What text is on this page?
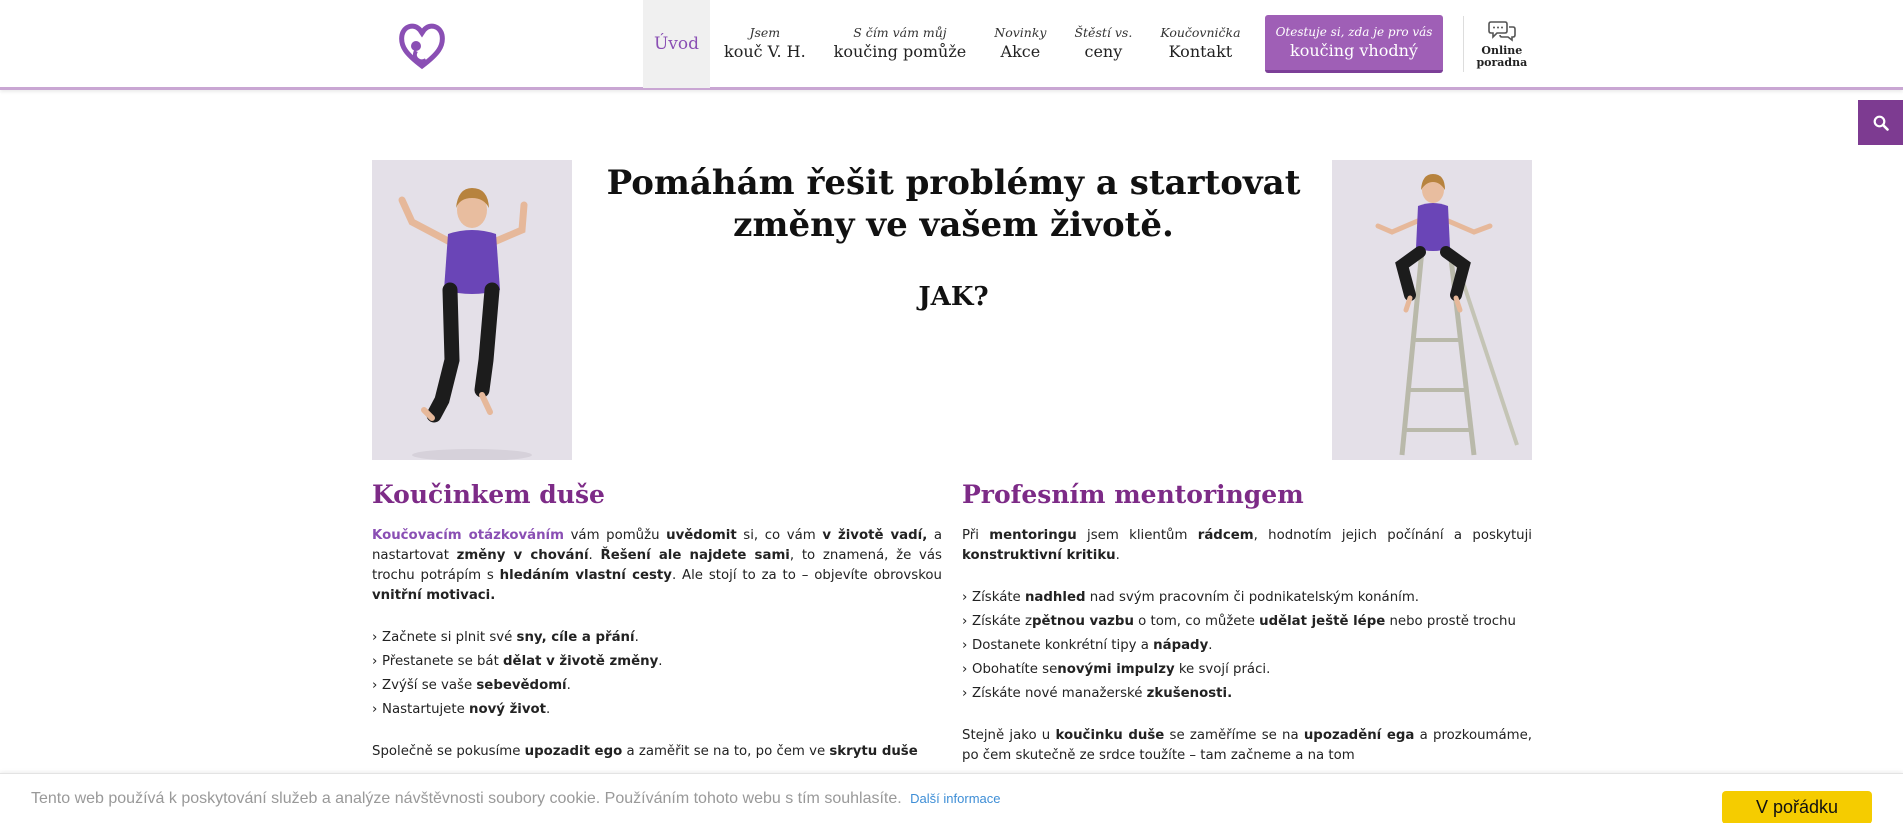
Úvod
Jsem
kouč V. H.
S čím vám můj
koučing pomůže
Novinky
Akce
Štěstí vs.
ceny
Koučovnička
Kontakt
Otestuje si, zda je pro vás
koučing vhodný	Online
poradna
Pomáhám řešit problémy a startovat změny ve vašem životě.
JAK?
Koučinkem duše

Koučovacím otázkováním vám pomůžu uvědomit si, co vám v životě vadí, a nastartovat změny v chování. Řešení ale najdete sami, to znamená, že vás trochu potrápím s hledáním vlastní cesty. Ale stojí to za to – objevíte obrovskou vnitřní motivaci.

› Začnete si plnit své sny, cíle a přání.
› Přestanete se bát dělat v životě změny.
› Zvýší se vaše sebevědomí.
› Nastartujete nový život.

Společně se pokusíme upozadit ego a zaměřit se na to, po čem ve skrytu duše

Profesním mentoringem

Při mentoringu jsem klientům rádcem, hodnotím jejich počínání a poskytuji konstruktivní kritiku.

› Získáte nadhled nad svým pracovním či podnikatelským konáním.
› Získáte zpětnou vazbu o tom, co můžete udělat ještě lépe nebo prostě trochu
› Dostanete konkrétní tipy a nápady.
› Obohatíte senovými impulzy ke svojí práci.
› Získáte nové manažerské zkušenosti.

Stejně jako u koučinku duše se zaměříme se na upozadění ega a prozkoumáme, po čem skutečně ze srdce toužíte – tam začneme a na tom

Tento web používá k poskytování služeb a analýze návštěvnosti soubory cookie. Používáním tohoto webu s tím souhlasíte. Další informace	V pořádku
